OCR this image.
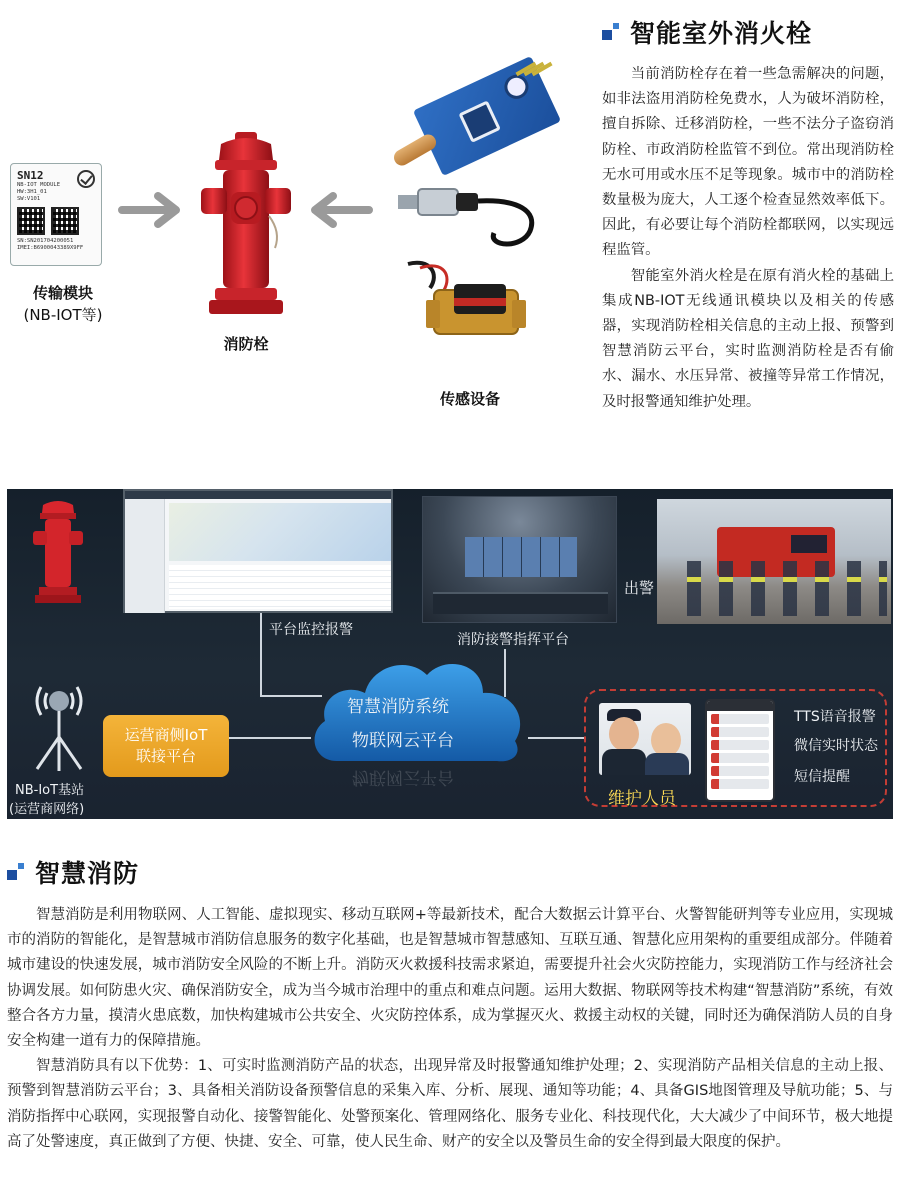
智能室外消火栓

当前消防栓存在着一些急需解决的问题，如非法盗用消防栓免费水，人为破坏消防栓，擅自拆除、迁移消防栓，一些不法分子盗窃消防栓、市政消防栓监管不到位。常出现消防栓无水可用或水压不足等现象。城市中的消防栓数量极为庞大，人工逐个检查显然效率低下。因此，有必要让每个消防栓都联网，以实现远程监管。

智能室外消火栓是在原有消火栓的基础上集成NB-IOT无线通讯模块以及相关的传感器，实现消防栓相关信息的主动上报、预警到智慧消防云平台，实时监测消防栓是否有偷水、漏水、水压异常、被撞等异常工作情况，及时报警通知维护处理。

SN12
NB-IOT MODULE
HW:3H1_01
SW:V101
SN:SN201704200051
IMEI:B6900043389X9FF
传输模块
(NB-IOT等)
消防栓
传感设备
平台监控报警
消防接警指挥平台
出警
智慧消防系统
物联网云平台
物联网云平台
运营商侧IoT
联接平台
NB-IoT基站
(运营商网络)
维护人员
TTS语音报警
微信实时状态
短信提醒
智慧消防

智慧消防是利用物联网、人工智能、虚拟现实、移动互联网+等最新技术，配合大数据云计算平台、火警智能研判等专业应用，实现城市的消防的智能化，是智慧城市消防信息服务的数字化基础，也是智慧城市智慧感知、互联互通、智慧化应用架构的重要组成部分。伴随着城市建设的快速发展，城市消防安全风险的不断上升。消防灭火救援科技需求紧迫，需要提升社会火灾防控能力，实现消防工作与经济社会协调发展。如何防患火灾、确保消防安全，成为当今城市治理中的重点和难点问题。运用大数据、物联网等技术构建“智慧消防”系统，有效整合各方力量，摸清火患底数，加快构建城市公共安全、火灾防控体系，成为掌握灭火、救援主动权的关键，同时还为确保消防人员的自身安全构建一道有力的保障措施。

智慧消防具有以下优势：1、可实时监测消防产品的状态，出现异常及时报警通知维护处理；2、实现消防产品相关信息的主动上报、预警到智慧消防云平台；3、具备相关消防设备预警信息的采集入库、分析、展现、通知等功能；4、具备GIS地图管理及导航功能；5、与消防指挥中心联网，实现报警自动化、接警智能化、处警预案化、管理网络化、服务专业化、科技现代化，大大减少了中间环节，极大地提高了处警速度，真正做到了方便、快捷、安全、可靠，使人民生命、财产的安全以及警员生命的安全得到最大限度的保护。
